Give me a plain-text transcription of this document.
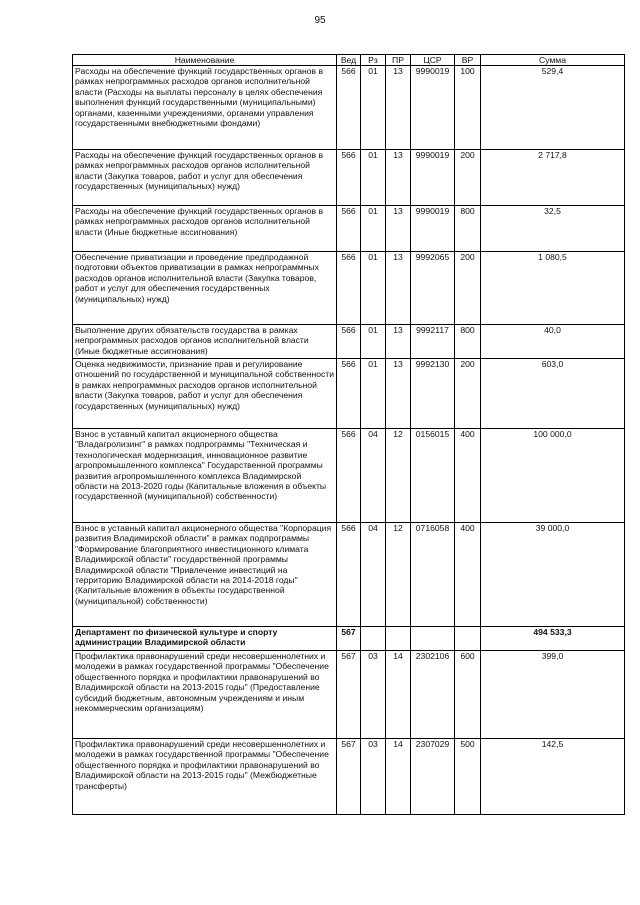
95
Наименование	Вед	Рз	ПР	ЦСР	ВР	Сумма
Расходы на обеспечение функций государственных органов в рамках непрограммных расходов органов исполнительной власти (Расходы на выплаты персоналу в целях обеспечения выполнения функций государственными (муниципальными) органами, казенными учреждениями, органами управления государственными внебюджетными фондами)	566	01	13	9990019	100	529,4
Расходы на обеспечение функций государственных органов в рамках непрограммных расходов органов исполнительной власти (Закупка товаров, работ и услуг для обеспечения государственных (муниципальных) нужд)	566	01	13	9990019	200	2 717,8
Расходы на обеспечение функций государственных органов в рамках непрограммных расходов органов исполнительной власти (Иные бюджетные ассигнования)	566	01	13	9990019	800	32,5
Обеспечение приватизации и проведение предпродажной подготовки объектов приватизации в рамках непрограммных расходов органов исполнительной власти (Закупка товаров, работ и услуг для обеспечения государственных (муниципальных) нужд)	566	01	13	9992065	200	1 080,5
Выполнение других обязательств государства в рамках непрограммных расходов органов исполнительной власти (Иные бюджетные ассигнования)	566	01	13	9992117	800	40,0
Оценка недвижимости, признание прав и регулирование отношений по государственной и муниципальной собственности в рамках непрограммных расходов органов исполнительной власти (Закупка товаров, работ и услуг для обеспечения государственных (муниципальных) нужд)	566	01	13	9992130	200	603,0
Взнос в уставный капитал акционерного общества "Владагролизинг" в рамках подпрограммы "Техническая и технологическая модернизация, инновационное развитие агропромышленного комплекса" Государственной программы развития агропромышленного комплекса Владимирской области на 2013-2020 годы (Капитальные вложения в объекты государственной (муниципальной) собственности)	566	04	12	0156015	400	100 000,0
Взнос в уставный капитал акционерного общества "Корпорация развития Владимирской области" в рамках подпрограммы "Формирование благоприятного инвестиционного климата Владимирской области" государственной программы Владимирской области "Привлечение инвестиций на территорию Владимирской области на 2014-2018 годы" (Капитальные вложения в объекты государственной (муниципальной) собственности)	566	04	12	0716058	400	39 000,0
Департамент по физической культуре и спорту администрации Владимирской области	567					494 533,3
Профилактика правонарушений среди несовершеннолетних и молодежи в рамках государственной программы "Обеспечение общественного порядка и профилактики правонарушений во Владимирской области на 2013-2015 годы" (Предоставление субсидий бюджетным, автономным учреждениям и иным некоммерческим организациям)	567	03	14	2302106	600	399,0
Профилактика правонарушений среди несовершеннолетних и молодежи в рамках государственной программы "Обеспечение общественного порядка и профилактики правонарушений во Владимирской области на 2013-2015 годы" (Межбюджетные трансферты)	567	03	14	2307029	500	142,5
